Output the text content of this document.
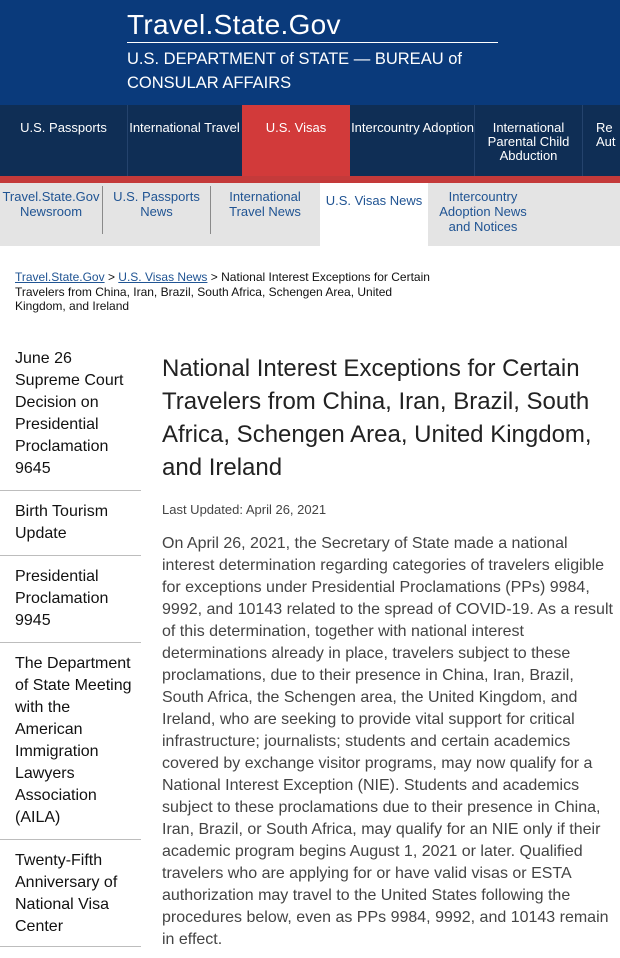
Travel.State.Gov
U.S. DEPARTMENT of STATE — BUREAU of CONSULAR AFFAIRS
U.S. Passports	International Travel	U.S. Visas	Intercountry Adoption	International Parental Child Abduction
Re Aut
Travel.State.Gov Newsroom
U.S. Passports News
International Travel News
U.S. Visas News	Intercountry Adoption News and Notices
Travel.State.Gov > U.S. Visas News > National Interest Exceptions for Certain Travelers from China, Iran, Brazil, South Africa, Schengen Area, United Kingdom, and Ireland
June 26 Supreme Court Decision on Presidential Proclamation 9645
Birth Tourism Update
Presidential Proclamation 9945
The Department of State Meeting with the American Immigration Lawyers Association (AILA)
Twenty-Fifth Anniversary of National Visa Center
National Interest Exceptions for Certain Travelers from China, Iran, Brazil, South Africa, Schengen Area, United Kingdom, and Ireland
Last Updated: April 26, 2021
On April 26, 2021, the Secretary of State made a national interest determination regarding categories of travelers eligible for exceptions under Presidential Proclamations (PPs) 9984, 9992, and 10143 related to the spread of COVID-19. As a result of this determination, together with national interest determinations already in place, travelers subject to these proclamations, due to their presence in China, Iran, Brazil, South Africa, the Schengen area, the United Kingdom, and Ireland, who are seeking to provide vital support for critical infrastructure; journalists; students and certain academics covered by exchange visitor programs, may now qualify for a National Interest Exception (NIE). Students and academics subject to these proclamations due to their presence in China, Iran, Brazil, or South Africa, may qualify for an NIE only if their academic program begins August 1, 2021 or later. Qualified travelers who are applying for or have valid visas or ESTA authorization may travel to the United States following the procedures below, even as PPs 9984, 9992, and 10143 remain in effect.
